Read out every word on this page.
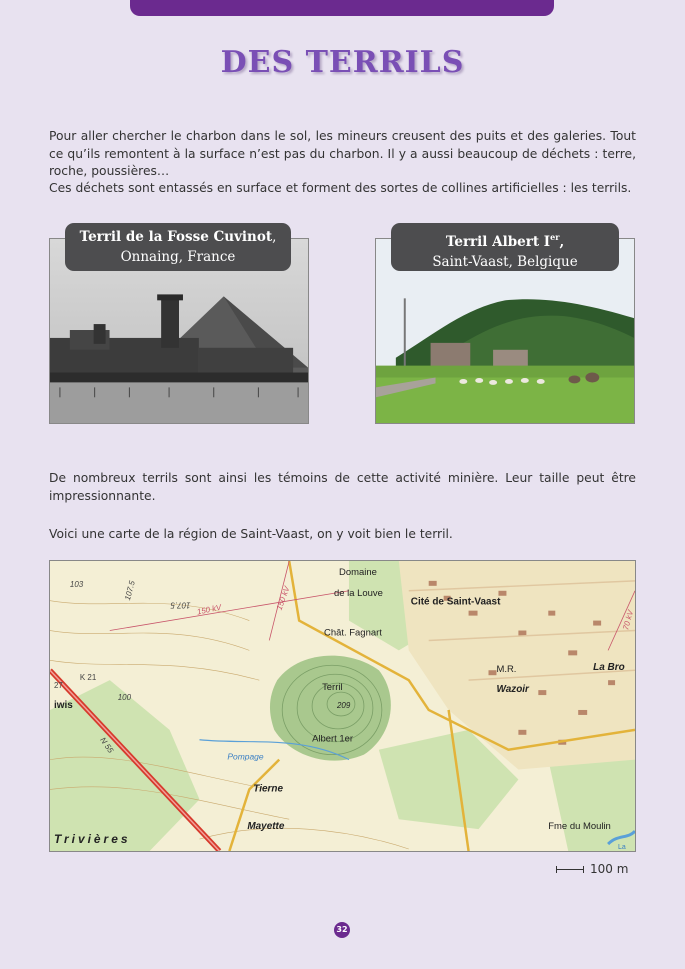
DES TERRILS

Pour aller chercher le charbon dans le sol, les mineurs creusent des puits et des galeries. Tout ce qu’ils remontent à la surface n’est pas du charbon. Il y a aussi beaucoup de déchets : terre, roche, poussières…

Ces déchets sont entassés en surface et forment des sortes de collines artificielles : les terrils.

Terril de la Fosse Cuvinot,
Onnaing, France
Terril Albert Ier,
Saint-Vaast, Belgique

De nombreux terrils sont ainsi les témoins de cette activité minière. Leur taille peut être impressionnante.

Voici une carte de la région de Saint-Vaast, on y voit bien le terril.

Domaine
de la Louve
Chât. Fagnart
Terril
209
Albert 1er
M.R.
Fme du Moulin
La
Cité de Saint-Vaast
Wazoir
La Bro
Tierne
Mayette
iwis
Trivières
K 21
27
100
103	107.5
107.5
N 55
Pompage
150 kV	150 kV
70 kV
100 m
32
